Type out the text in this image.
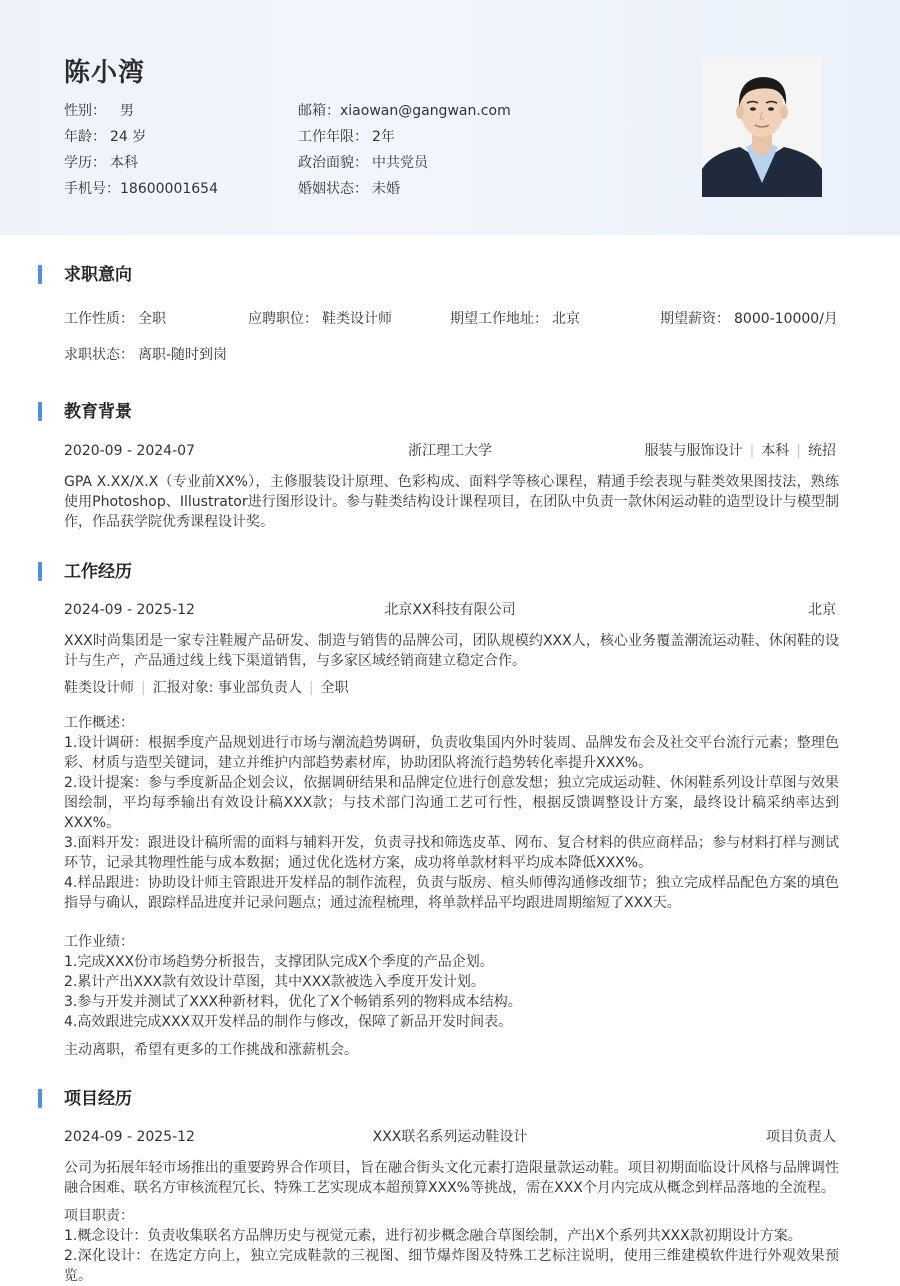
陈小湾
性别： 男
年龄： 24 岁
学历： 本科
手机号：18600001654
邮箱：xiaowan@gangwan.com
工作年限： 2年
政治面貌： 中共党员
婚姻状态： 未婚
求职意向
工作性质： 全职	应聘职位： 鞋类设计师	期望工作地址： 北京	期望薪资： 8000-10000/月
求职状态： 离职-随时到岗
教育背景
2020-09 - 2024-07	浙江理工大学	服装与服饰设计 | 本科 | 统招
GPA X.XX/X.X（专业前XX%），主修服装设计原理、色彩构成、面料学等核心课程，精通手绘表现与鞋类效果图技法，熟练使用Photoshop、Illustrator进行图形设计。参与鞋类结构设计课程项目，在团队中负责一款休闲运动鞋的造型设计与模型制作，作品获学院优秀课程设计奖。
工作经历
2024-09 - 2025-12	北京XX科技有限公司	北京
XXX时尚集团是一家专注鞋履产品研发、制造与销售的品牌公司，团队规模约XXX人，核心业务覆盖潮流运动鞋、休闲鞋的设计与生产，产品通过线上线下渠道销售，与多家区域经销商建立稳定合作。
鞋类设计师 | 汇报对象: 事业部负责人 | 全职
工作概述：
1.设计调研：根据季度产品规划进行市场与潮流趋势调研，负责收集国内外时装周、品牌发布会及社交平台流行元素；整理色彩、材质与造型关键词，建立并维护内部趋势素材库，协助团队将流行趋势转化率提升XXX%。
2.设计提案：参与季度新品企划会议，依据调研结果和品牌定位进行创意发想；独立完成运动鞋、休闲鞋系列设计草图与效果图绘制，平均每季输出有效设计稿XXX款；与技术部门沟通工艺可行性，根据反馈调整设计方案，最终设计稿采纳率达到XXX%。
3.面料开发：跟进设计稿所需的面料与辅料开发，负责寻找和筛选皮革、网布、复合材料的供应商样品；参与材料打样与测试环节，记录其物理性能与成本数据；通过优化选材方案，成功将单款材料平均成本降低XXX%。
4.样品跟进：协助设计师主管跟进开发样品的制作流程，负责与版房、楦头师傅沟通修改细节；独立完成样品配色方案的填色指导与确认，跟踪样品进度并记录问题点；通过流程梳理，将单款样品平均跟进周期缩短了XXX天。
工作业绩：
1.完成XXX份市场趋势分析报告，支撑团队完成X个季度的产品企划。
2.累计产出XXX款有效设计草图，其中XXX款被选入季度开发计划。
3.参与开发并测试了XXX种新材料，优化了X个畅销系列的物料成本结构。
4.高效跟进完成XXX双开发样品的制作与修改，保障了新品开发时间表。
主动离职，希望有更多的工作挑战和涨薪机会。
项目经历
2024-09 - 2025-12	XXX联名系列运动鞋设计	项目负责人
公司为拓展年轻市场推出的重要跨界合作项目，旨在融合街头文化元素打造限量款运动鞋。项目初期面临设计风格与品牌调性融合困难、联名方审核流程冗长、特殊工艺实现成本超预算XXX%等挑战，需在XXX个月内完成从概念到样品落地的全流程。
项目职责：
1.概念设计：负责收集联名方品牌历史与视觉元素，进行初步概念融合草图绘制，产出X个系列共XXX款初期设计方案。
2.深化设计：在选定方向上，独立完成鞋款的三视图、细节爆炸图及特殊工艺标注说明，使用三维建模软件进行外观效果预览。
